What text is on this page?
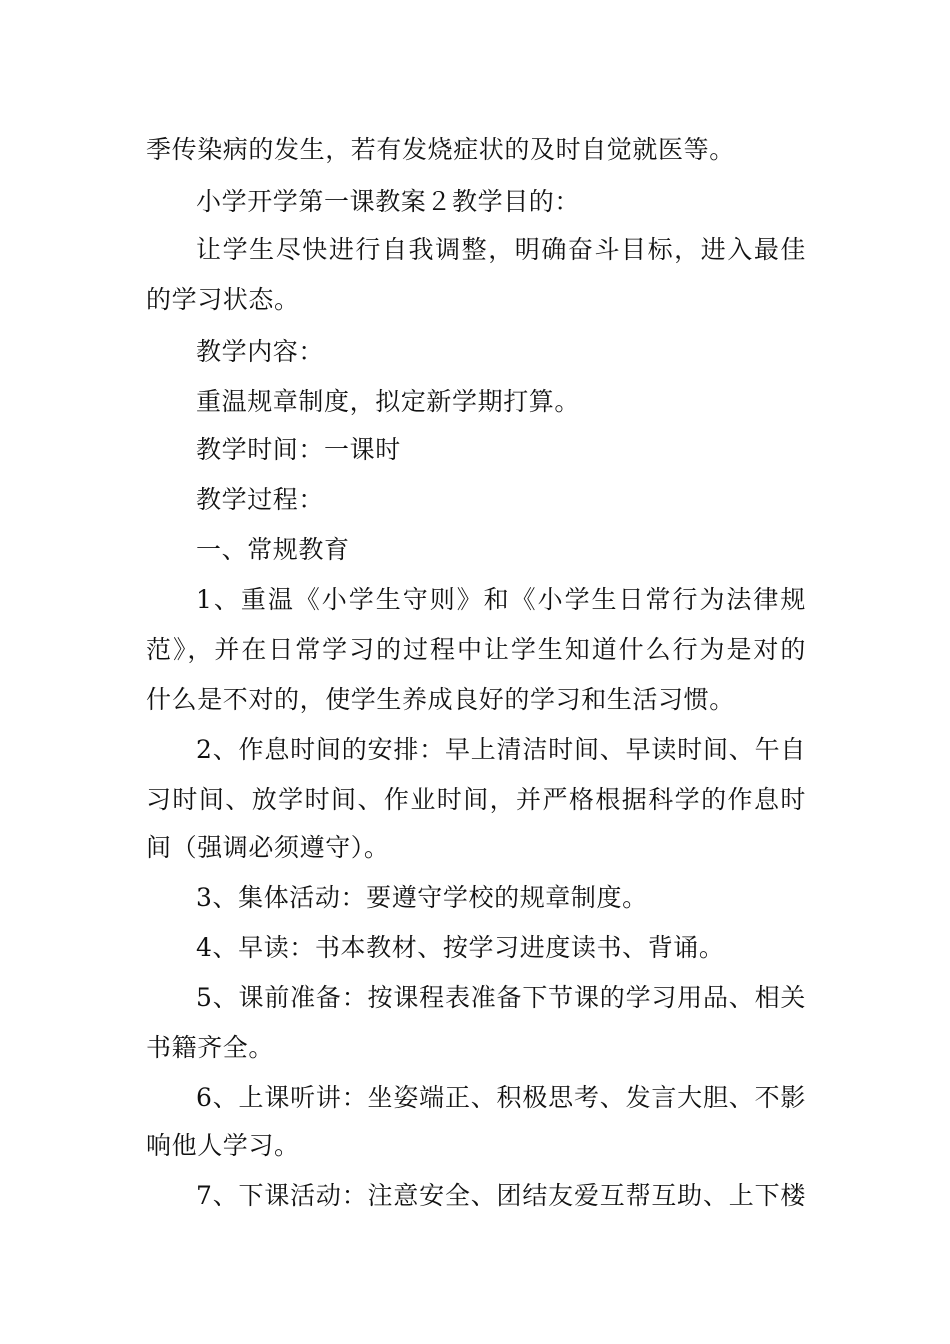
季传染病的发生，若有发烧症状的及时自觉就医等。
小学开学第一课教案２教学目的：
让学生尽快进行自我调整，明确奋斗目标，进入最佳
的学习状态。
教学内容：
重温规章制度，拟定新学期打算。
教学时间：一课时
教学过程：
一、常规教育
1、重温《小学生守则》和《小学生日常行为法律规
范》，并在日常学习的过程中让学生知道什么行为是对的
什么是不对的，使学生养成良好的学习和生活习惯。
2、作息时间的安排：早上清洁时间、早读时间、午自
习时间、放学时间、作业时间，并严格根据科学的作息时
间（强调必须遵守）。
3、集体活动：要遵守学校的规章制度。
4、早读：书本教材、按学习进度读书、背诵。
5、课前准备：按课程表准备下节课的学习用品、相关
书籍齐全。
6、上课听讲：坐姿端正、积极思考、发言大胆、不影
响他人学习。
7、下课活动：注意安全、团结友爱互帮互助、上下楼
